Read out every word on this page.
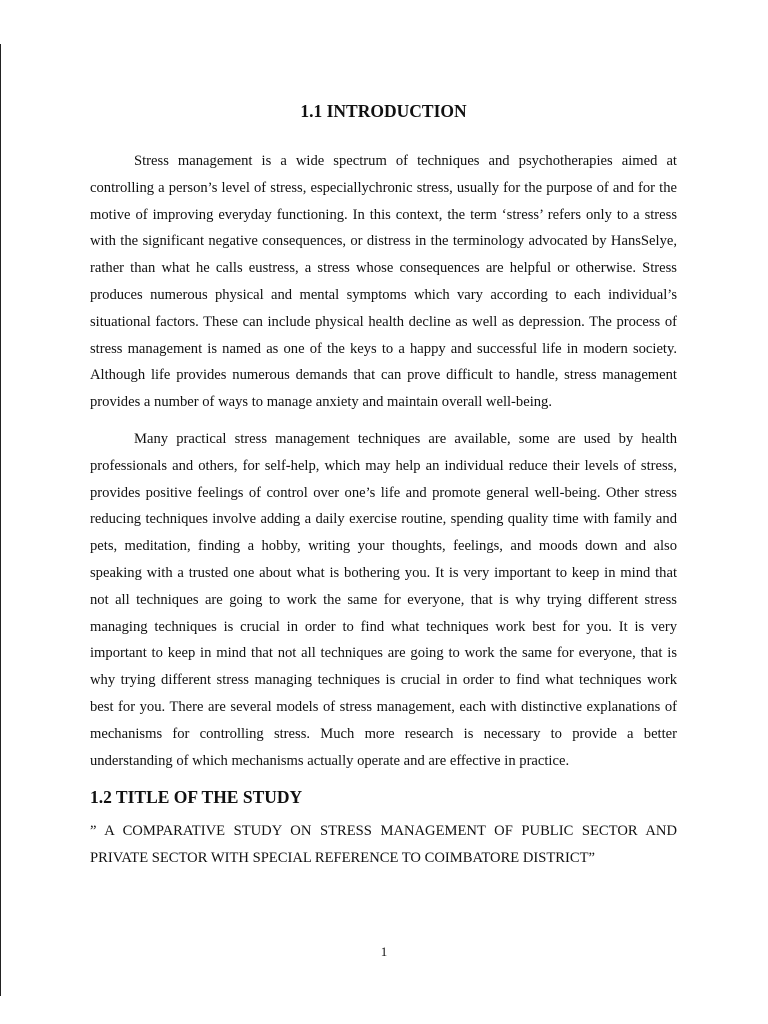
1.1 INTRODUCTION

Stress management is a wide spectrum of techniques and psychotherapies aimed at controlling a person’s level of stress, especiallychronic stress, usually for the purpose of and for the motive of improving everyday functioning. In this context, the term ‘stress’ refers only to a stress with the significant negative consequences, or distress in the terminology advocated by HansSelye, rather than what he calls eustress, a stress whose consequences are helpful or otherwise. Stress produces numerous physical and mental symptoms which vary according to each individual’s situational factors. These can include physical health decline as well as depression. The process of stress management is named as one of the keys to a happy and successful life in modern society. Although life provides numerous demands that can prove difficult to handle, stress management provides a number of ways to manage anxiety and maintain overall well-being.

Many practical stress management techniques are available, some are used by health professionals and others, for self-help, which may help an individual reduce their levels of stress, provides positive feelings of control over one’s life and promote general well-being. Other stress reducing techniques involve adding a daily exercise routine, spending quality time with family and pets, meditation, finding a hobby, writing your thoughts, feelings, and moods down and also speaking with a trusted one about what is bothering you. It is very important to keep in mind that not all techniques are going to work the same for everyone, that is why trying different stress managing techniques is crucial in order to find what techniques work best for you. It is very important to keep in mind that not all techniques are going to work the same for everyone, that is why trying different stress managing techniques is crucial in order to find what techniques work best for you. There are several models of stress management, each with distinctive explanations of mechanisms for controlling stress. Much more research is necessary to provide a better understanding of which mechanisms actually operate and are effective in practice.

1.2 TITLE OF THE STUDY

” A COMPARATIVE STUDY ON STRESS MANAGEMENT OF PUBLIC SECTOR AND PRIVATE SECTOR WITH SPECIAL REFERENCE TO COIMBATORE DISTRICT”

1
